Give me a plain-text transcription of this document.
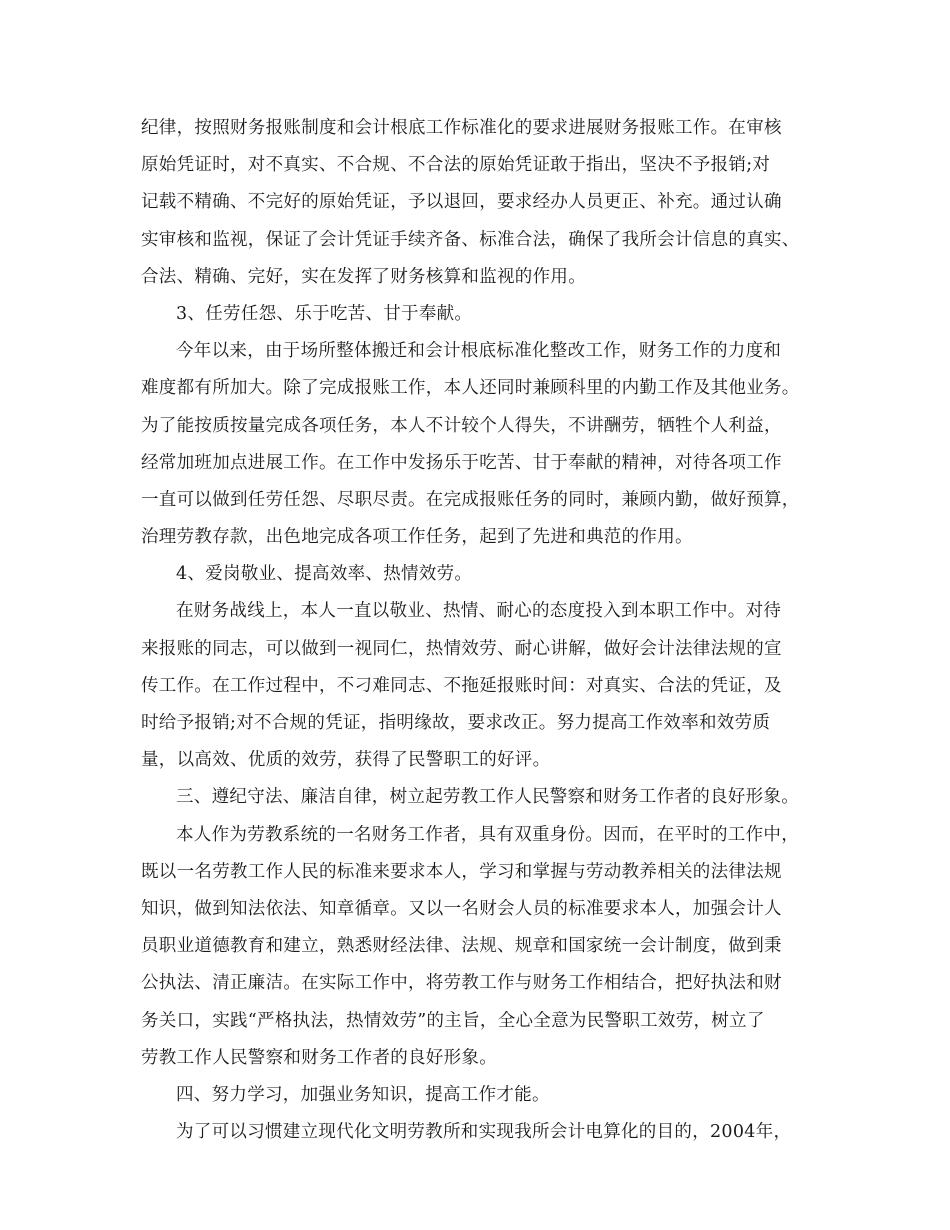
纪律，按照财务报账制度和会计根底工作标准化的要求进展财务报账工作。在审核
原始凭证时，对不真实、不合规、不合法的原始凭证敢于指出，坚决不予报销;对
记载不精确、不完好的原始凭证，予以退回，要求经办人员更正、补充。通过认确
实审核和监视，保证了会计凭证手续齐备、标准合法，确保了我所会计信息的真实、
合法、精确、完好，实在发挥了财务核算和监视的作用。
3、任劳任怨、乐于吃苦、甘于奉献。
今年以来，由于场所整体搬迁和会计根底标准化整改工作，财务工作的力度和
难度都有所加大。除了完成报账工作，本人还同时兼顾科里的内勤工作及其他业务。
为了能按质按量完成各项任务，本人不计较个人得失，不讲酬劳，牺牲个人利益，
经常加班加点进展工作。在工作中发扬乐于吃苦、甘于奉献的精神，对待各项工作
一直可以做到任劳任怨、尽职尽责。在完成报账任务的同时，兼顾内勤，做好预算，
治理劳教存款，出色地完成各项工作任务，起到了先进和典范的作用。
4、爱岗敬业、提高效率、热情效劳。
在财务战线上，本人一直以敬业、热情、耐心的态度投入到本职工作中。对待
来报账的同志，可以做到一视同仁，热情效劳、耐心讲解，做好会计法律法规的宣
传工作。在工作过程中，不刁难同志、不拖延报账时间：对真实、合法的凭证，及
时给予报销;对不合规的凭证，指明缘故，要求改正。努力提高工作效率和效劳质
量，以高效、优质的效劳，获得了民警职工的好评。
三、遵纪守法、廉洁自律，树立起劳教工作人民警察和财务工作者的良好形象。
本人作为劳教系统的一名财务工作者，具有双重身份。因而，在平时的工作中，
既以一名劳教工作人民的标准来要求本人，学习和掌握与劳动教养相关的法律法规
知识，做到知法依法、知章循章。又以一名财会人员的标准要求本人，加强会计人
员职业道德教育和建立，熟悉财经法律、法规、规章和国家统一会计制度，做到秉
公执法、清正廉洁。在实际工作中，将劳教工作与财务工作相结合，把好执法和财
务关口，实践“严格执法，热情效劳”的主旨，全心全意为民警职工效劳，树立了
劳教工作人民警察和财务工作者的良好形象。
四、努力学习，加强业务知识，提高工作才能。
为了可以习惯建立现代化文明劳教所和实现我所会计电算化的目的，2004年，
